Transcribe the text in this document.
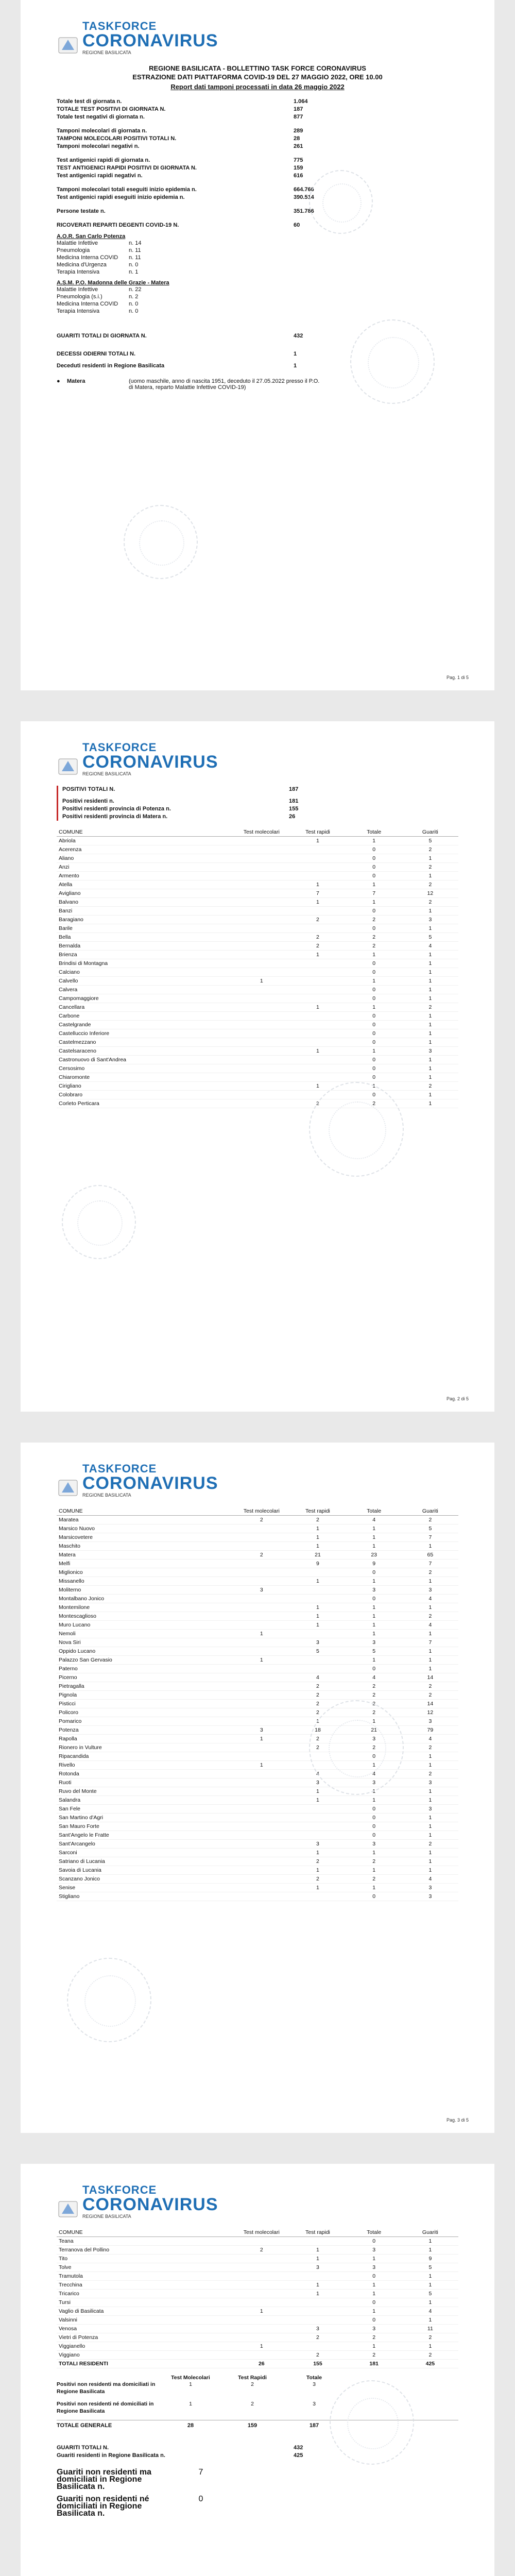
TASKFORCE
CORONAVIRUS
REGIONE BASILICATA
REGIONE BASILICATA - BOLLETTINO TASK FORCE CORONAVIRUS
ESTRAZIONE DATI PIATTAFORMA COVID-19 DEL 27 MAGGIO 2022, ORE 10.00
Report dati tamponi processati in data 26 maggio 2022
Totale test di giornata n.	1.064
TOTALE TEST POSITIVI DI GIORNATA N.	187
Totale test negativi di giornata n.	877
Tamponi molecolari di giornata n.	289
TAMPONI MOLECOLARI POSITIVI TOTALI N.	28
Tamponi molecolari negativi n.	261
Test antigenici rapidi di giornata n.	775
TEST ANTIGENICI RAPIDI POSITIVI DI GIORNATA N.	159
Test antigenici rapidi negativi n.	616
Tamponi molecolari totali eseguiti inizio epidemia n.	664.766
Test antigenici rapidi eseguiti inizio epidemia n.	390.514
Persone testate n.	351.786
RICOVERATI REPARTI DEGENTI COVID-19 N.	60
A.O.R. San Carlo Potenza
Malattie Infettive	n. 14
Pneumologia	n. 11
Medicina Interna COVID	n. 11
Medicina d'Urgenza	n. 0
Terapia Intensiva	n. 1
A.S.M. P.O. Madonna delle Grazie - Matera
Malattie Infettive	n. 22
Pneumologia (s.i.)	n. 2
Medicina Interna COVID	n. 0
Terapia Intensiva	n. 0
GUARITI TOTALI DI GIORNATA N.	432
DECESSI ODIERNI TOTALI N.	1
Deceduti residenti in Regione Basilicata	1
●	Matera	(uomo maschile, anno di nascita 1951, deceduto il 27.05.2022 presso il P.O. di Matera, reparto Malattie Infettive COVID-19)
Pag. 1 di 5
TASKFORCE
CORONAVIRUS
REGIONE BASILICATA
POSITIVI TOTALI N.	187
Positivi residenti n.	181
Positivi residenti provincia di Potenza n.	155
Positivi residenti provincia di Matera n.	26
COMUNE	Test molecolari	Test rapidi	Totale	Guariti
Abriola		1	1	5
Acerenza			0	2
Aliano			0	1
Anzi			0	2
Armento			0	1
Atella		1	1	2
Avigliano		7	7	12
Balvano		1	1	2
Banzi			0	1
Baragiano		2	2	3
Barile			0	1
Bella		2	2	5
Bernalda		2	2	4
Brienza		1	1	1
Brindisi di Montagna			0	1
Calciano			0	1
Calvello	1		1	1
Calvera			0	1
Campomaggiore			0	1
Cancellara		1	1	2
Carbone			0	1
Castelgrande			0	1
Castelluccio Inferiore			0	1
Castelmezzano			0	1
Castelsaraceno		1	1	3
Castronuovo di Sant'Andrea			0	1
Cersosimo			0	1
Chiaromonte			0	1
Cirigliano		1	1	2
Colobraro			0	1
Corleto Perticara		2	2	1
Pag. 2 di 5
TASKFORCE
CORONAVIRUS
REGIONE BASILICATA
COMUNE	Test molecolari	Test rapidi	Totale	Guariti
Maratea	2	2	4	2
Marsico Nuovo		1	1	5
Marsicovetere		1	1	7
Maschito		1	1	1
Matera	2	21	23	65
Melfi		9	9	7
Miglionico			0	2
Missanello		1	1	1
Moliterno	3		3	3
Montalbano Jonico			0	4
Montemilone		1	1	1
Montescaglioso		1	1	2
Muro Lucano		1	1	4
Nemoli	1		1	1
Nova Siri		3	3	7
Oppido Lucano		5	5	1
Palazzo San Gervasio	1		1	1
Paterno			0	1
Picerno		4	4	14
Pietragalla		2	2	2
Pignola		2	2	2
Pisticci		2	2	14
Policoro		2	2	12
Pomarico		1	1	3
Potenza	3	18	21	79
Rapolla	1	2	3	4
Rionero in Vulture		2	2	2
Ripacandida			0	1
Rivello	1		1	1
Rotonda		4	4	2
Ruoti		3	3	3
Ruvo del Monte		1	1	1
Salandra		1	1	1
San Fele			0	3
San Martino d'Agri			0	1
San Mauro Forte			0	1
Sant'Angelo le Fratte			0	1
Sant'Arcangelo		3	3	2
Sarconi		1	1	1
Satriano di Lucania		2	2	1
Savoia di Lucania		1	1	1
Scanzano Jonico		2	2	4
Senise		1	1	3
Stigliano			0	3
Pag. 3 di 5
TASKFORCE
CORONAVIRUS
REGIONE BASILICATA
COMUNE	Test molecolari	Test rapidi	Totale	Guariti
Teana			0	1
Terranova del Pollino	2	1	3	1
Tito		1	1	9
Tolve		3	3	5
Tramutola			0	1
Trecchina		1	1	1
Tricarico		1	1	5
Tursi			0	1
Vaglio di Basilicata	1		1	4
Valsinni			0	1
Venosa		3	3	11
Vietri di Potenza		2	2	2
Viggianello	1		1	1
Viggiano		2	2	2
TOTALI RESIDENTI	26	155	181	425
Test Molecolari	Test Rapidi	Totale
Positivi non residenti ma domiciliati in Regione Basilicata
1	2	3
Positivi non residenti né domiciliati in Regione Basilicata
1	2	3
TOTALE GENERALE	28	159	187
GUARITI TOTALI N.	432
Guariti residenti in Regione Basilicata n.	425
Guariti non residenti ma domiciliati in Regione Basilicata n.
7
Guariti non residenti né domiciliati in Regione Basilicata n.
0
